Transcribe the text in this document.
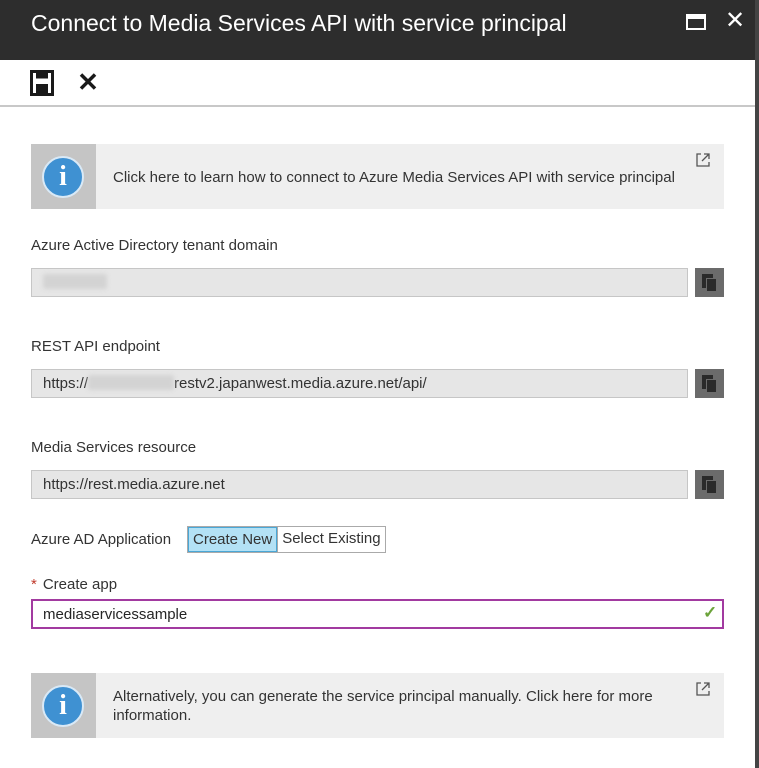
Connect to Media Services API with service principal	✕
✕
i	Click here to learn how to connect to Azure Media Services API with service principal
Azure Active Directory tenant domain
REST API endpoint
https://	restv2.japanwest.media.azure.net/api/
Media Services resource
https://rest.media.azure.net
Azure AD Application	Create New Select Existing
* Create app
mediaservicessample
✓
i	Alternatively, you can generate the service principal manually. Click here for more information.
